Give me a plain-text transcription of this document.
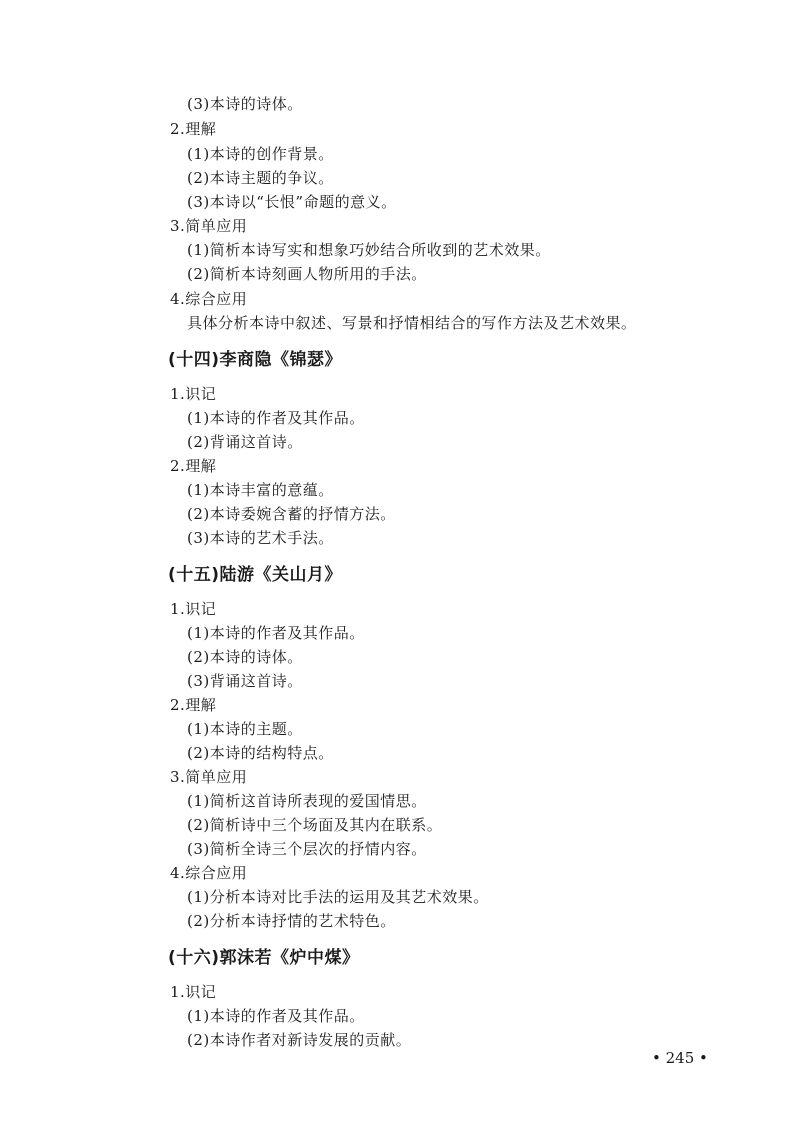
(3)本诗的诗体。
2.理解
(1)本诗的创作背景。
(2)本诗主题的争议。
(3)本诗以“长恨”命题的意义。
3.简单应用
(1)简析本诗写实和想象巧妙结合所收到的艺术效果。
(2)简析本诗刻画人物所用的手法。
4.综合应用
具体分析本诗中叙述、写景和抒情相结合的写作方法及艺术效果。
(十四)李商隐《锦瑟》
1.识记
(1)本诗的作者及其作品。
(2)背诵这首诗。
2.理解
(1)本诗丰富的意蕴。
(2)本诗委婉含蓄的抒情方法。
(3)本诗的艺术手法。
(十五)陆游《关山月》
1.识记
(1)本诗的作者及其作品。
(2)本诗的诗体。
(3)背诵这首诗。
2.理解
(1)本诗的主题。
(2)本诗的结构特点。
3.简单应用
(1)简析这首诗所表现的爱国情思。
(2)简析诗中三个场面及其内在联系。
(3)简析全诗三个层次的抒情内容。
4.综合应用
(1)分析本诗对比手法的运用及其艺术效果。
(2)分析本诗抒情的艺术特色。
(十六)郭沫若《炉中煤》
1.识记
(1)本诗的作者及其作品。
(2)本诗作者对新诗发展的贡献。
• 245 •
